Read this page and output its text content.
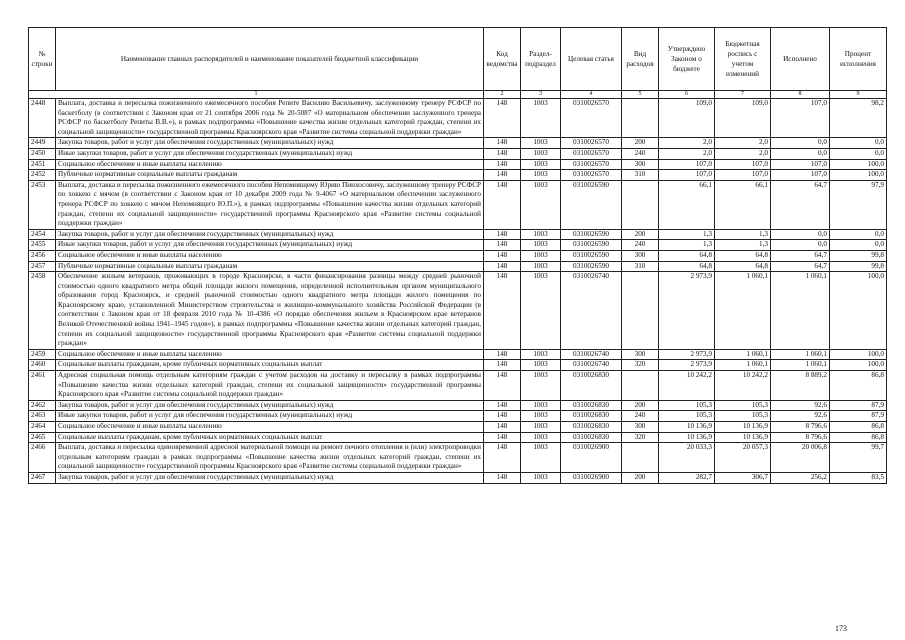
№ строки	Наименование главных распорядителей и наименование показателей бюджетной классификации	Код ведомства	Раздел-подраздел	Целевая статья	Вид расходов	Утверждено Законом о бюджете	Бюджетная роспись с учетом изменений	Исполнено	Процент исполнения
1		2	3	4	5	6	7	8	9
2448	Выплата, доставка и пересылка пожизненного ежемесячного пособия Репите Василию Васильевичу, заслуженному тренеру РСФСР по баскетболу (в соответствии с Законом края от 21 сентября 2006 года № 20-5087 «О материальном обеспечении заслуженного тренера РСФСР по баскетболу Репиты В.В.»), в рамках подпрограммы «Повышение качества жизни отдельных категорий граждан, степени их социальной защищенности» государственной программы Красноярского края «Развитие системы социальной поддержки граждан»	148	1003	0310026570		109,0	109,0	107,0	98,2
2449	Закупка товаров, работ и услуг для обеспечения государственных (муниципальных) нужд	148	1003	0310026570	200	2,0	2,0	0,0	0,0
2450	Иные закупки товаров, работ и услуг для обеспечения государственных (муниципальных) нужд	148	1003	0310026570	240	2,0	2,0	0,0	0,0
2451	Социальное обеспечение и иные выплаты населению	148	1003	0310026570	300	107,0	107,0	107,0	100,0
2452	Публичные нормативные социальные выплаты гражданам	148	1003	0310026570	310	107,0	107,0	107,0	100,0
2453	Выплата, доставка и пересылка пожизненного ежемесячного пособия Непомнящему Юрию Пинхосовичу, заслуженному тренеру РСФСР по хоккею с мячом (в соответствии с Законом края от 10 декабря 2009 года № 9-4067 «О материальном обеспечении заслуженного тренера РСФСР по хоккею с мячом Непомнящего Ю.П.»), в рамках подпрограммы «Повышение качества жизни отдельных категорий граждан, степени их социальной защищенности» государственной программы Красноярского края «Развитие системы социальной поддержки граждан»	148	1003	0310026590		66,1	66,1	64,7	97,9
2454	Закупка товаров, работ и услуг для обеспечения государственных (муниципальных) нужд	148	1003	0310026590	200	1,3	1,3	0,0	0,0
2455	Иные закупки товаров, работ и услуг для обеспечения государственных (муниципальных) нужд	148	1003	0310026590	240	1,3	1,3	0,0	0,0
2456	Социальное обеспечение и иные выплаты населению	148	1003	0310026590	300	64,8	64,8	64,7	99,8
2457	Публичные нормативные социальные выплаты гражданам	148	1003	0310026590	310	64,8	64,8	64,7	99,8
2458	Обеспечение жильем ветеранов, проживающих в городе Красноярске, в части финансирования разницы между средней рыночной стоимостью одного квадратного метра общей площади жилого помещения, определенной исполнительным органом муниципального образования город Красноярск, и средней рыночной стоимостью одного квадратного метра площади жилого помещения по Красноярскому краю, установленной Министерством строительства и жилищно-коммунального хозяйства Российской Федерации (в соответствии с Законом края от 18 февраля 2010 года № 10-4386 «О порядке обеспечения жильем в Красноярском крае ветеранов Великой Отечественной войны 1941–1945 годов»), в рамках подпрограммы «Повышение качества жизни отдельных категорий граждан, степени их социальной защищенности» государственной программы Красноярского края «Развитие системы социальной поддержки граждан»	148	1003	0310026740		2 973,9	1 060,1	1 060,1	100,0
2459	Социальное обеспечение и иные выплаты населению	148	1003	0310026740	300	2 973,9	1 060,1	1 060,1	100,0
2460	Социальные выплаты гражданам, кроме публичных нормативных социальных выплат	148	1003	0310026740	320	2 973,9	1 060,1	1 060,1	100,0
2461	Адресная социальная помощь отдельным категориям граждан с учетом расходов на доставку и пересылку в рамках подпрограммы «Повышение качества жизни отдельных категорий граждан, степени их социальной защищенности» государственной программы Красноярского края «Развитие системы социальной поддержки граждан»	148	1003	0310026830		10 242,2	10 242,2	8 889,2	86,8
2462	Закупка товаров, работ и услуг для обеспечения государственных (муниципальных) нужд	148	1003	0310026830	200	105,3	105,3	92,6	87,9
2463	Иные закупки товаров, работ и услуг для обеспечения государственных (муниципальных) нужд	148	1003	0310026830	240	105,3	105,3	92,6	87,9
2464	Социальное обеспечение и иные выплаты населению	148	1003	0310026830	300	10 136,9	10 136,9	8 796,6	86,8
2465	Социальные выплаты гражданам, кроме публичных нормативных социальных выплат	148	1003	0310026830	320	10 136,9	10 136,9	8 796,6	86,8
2466	Выплата, доставка и пересылка единовременной адресной материальной помощи на ремонт печного отопления и (или) электропроводки отдельным категориям граждан в рамках подпрограммы «Повышение качества жизни отдельных категорий граждан, степени их социальной защищенности» государственной программы Красноярского края «Развитие системы социальной поддержки граждан»	148	1003	0310026900		20 033,3	20 057,3	20 006,8	99,7
2467	Закупка товаров, работ и услуг для обеспечения государственных (муниципальных) нужд	148	1003	0310026900	200	282,7	306,7	256,2	83,5
173
